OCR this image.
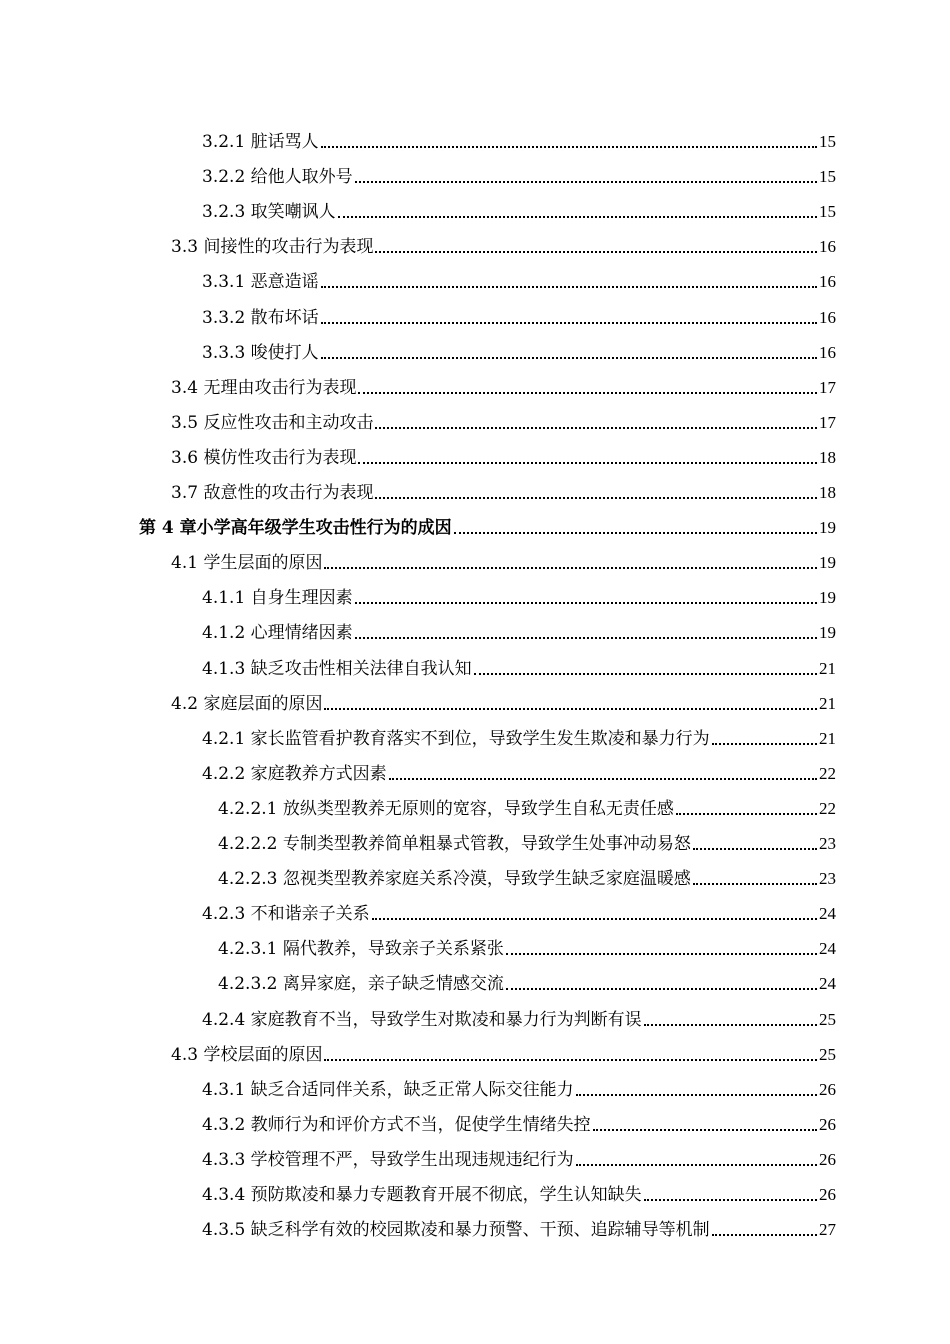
3.2.1 脏话骂人	15
3.2.2 给他人取外号	15
3.2.3 取笑嘲讽人	15
3.3 间接性的攻击行为表现	16
3.3.1 恶意造谣	16
3.3.2 散布坏话	16
3.3.3 唆使打人	16
3.4 无理由攻击行为表现	17
3.5 反应性攻击和主动攻击	17
3.6 模仿性攻击行为表现	18
3.7 敌意性的攻击行为表现	18
第 4 章小学高年级学生攻击性行为的成因	19
4.1 学生层面的原因	19
4.1.1 自身生理因素	19
4.1.2 心理情绪因素	19
4.1.3 缺乏攻击性相关法律自我认知	21
4.2 家庭层面的原因	21
4.2.1 家长监管看护教育落实不到位，导致学生发生欺凌和暴力行为	21
4.2.2 家庭教养方式因素	22
4.2.2.1 放纵类型教养无原则的宽容，导致学生自私无责任感	22
4.2.2.2 专制类型教养简单粗暴式管教，导致学生处事冲动易怒	23
4.2.2.3 忽视类型教养家庭关系冷漠，导致学生缺乏家庭温暖感	23
4.2.3 不和谐亲子关系	24
4.2.3.1 隔代教养，导致亲子关系紧张	24
4.2.3.2 离异家庭，亲子缺乏情感交流	24
4.2.4 家庭教育不当，导致学生对欺凌和暴力行为判断有误	25
4.3 学校层面的原因	25
4.3.1 缺乏合适同伴关系，缺乏正常人际交往能力	26
4.3.2 教师行为和评价方式不当，促使学生情绪失控	26
4.3.3 学校管理不严，导致学生出现违规违纪行为	26
4.3.4 预防欺凌和暴力专题教育开展不彻底，学生认知缺失	26
4.3.5 缺乏科学有效的校园欺凌和暴力预警、干预、追踪辅导等机制	27
